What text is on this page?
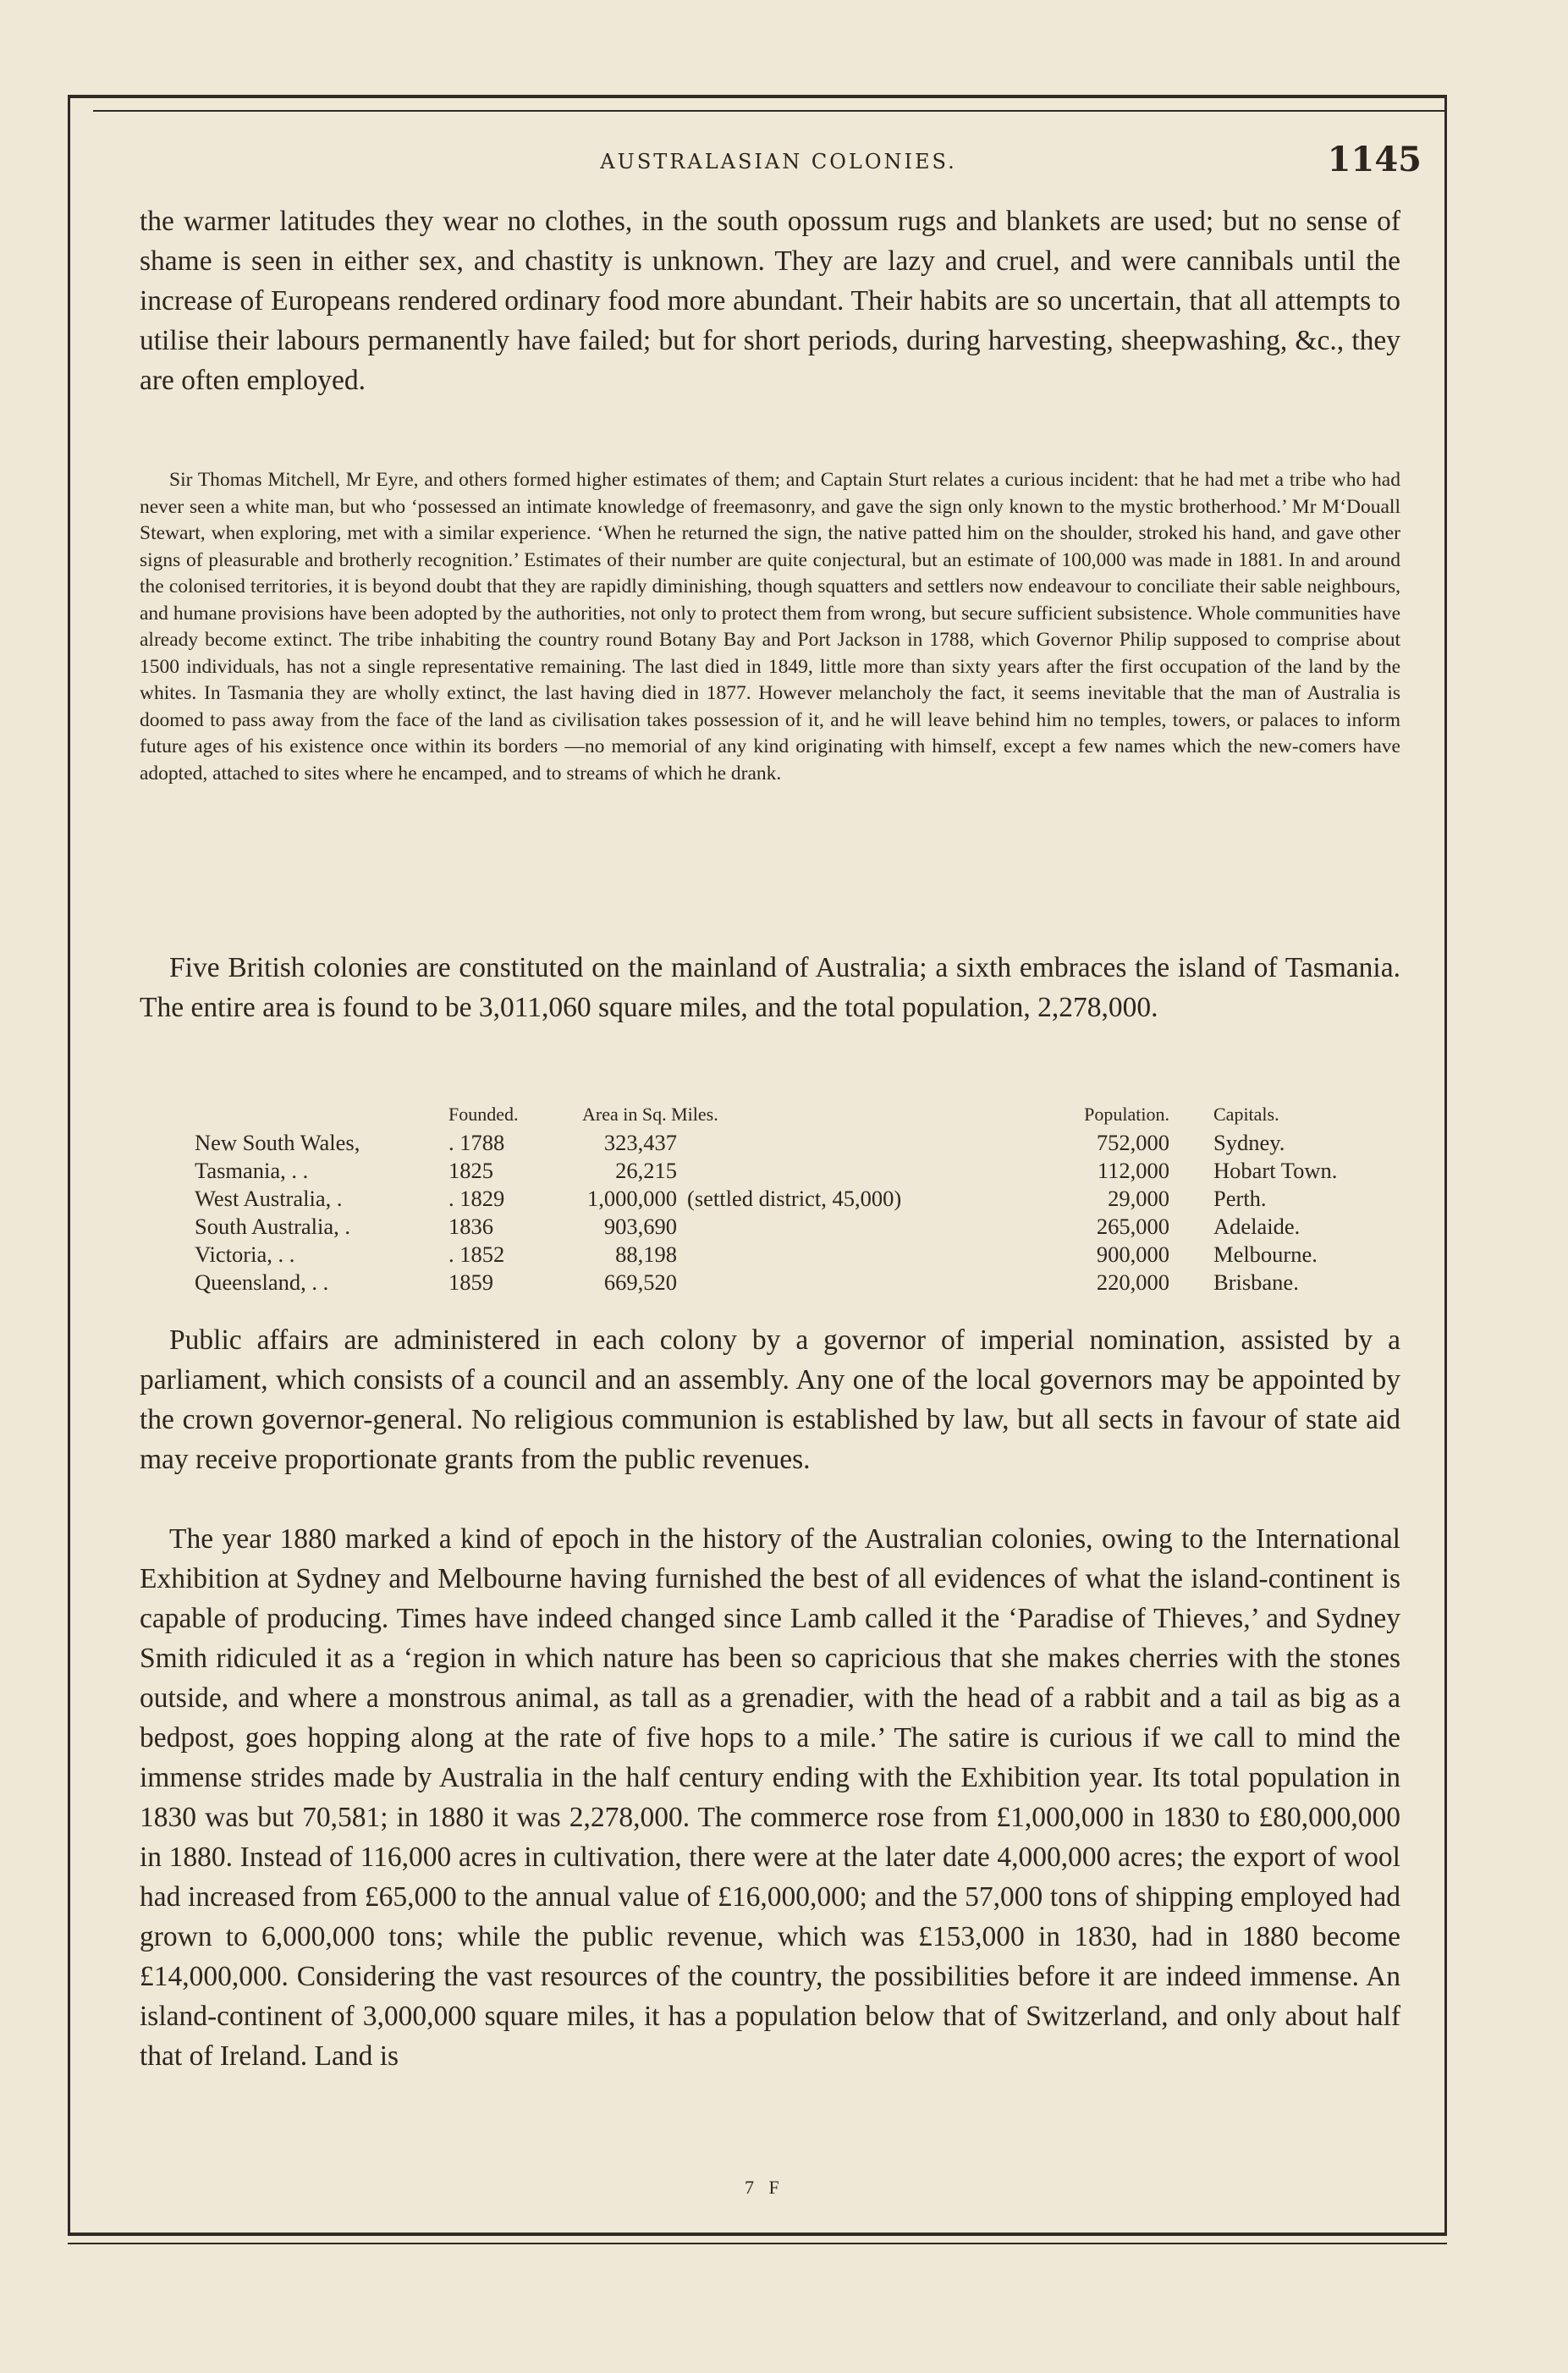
AUSTRALASIAN COLONIES.	1145

the warmer latitudes they wear no clothes, in the south opossum rugs and blankets are used; but no sense of shame is seen in either sex, and chastity is unknown. They are lazy and cruel, and were cannibals until the increase of Europeans rendered ordinary food more abundant. Their habits are so uncertain, that all attempts to utilise their labours permanently have failed; but for short periods, during harvesting, sheepwashing, &c., they are often employed.

Sir Thomas Mitchell, Mr Eyre, and others formed higher estimates of them; and Captain Sturt relates a curious incident: that he had met a tribe who had never seen a white man, but who ‘possessed an intimate knowledge of freemasonry, and gave the sign only known to the mystic brotherhood.’ Mr M‘Douall Stewart, when exploring, met with a similar experience. ‘When he returned the sign, the native patted him on the shoulder, stroked his hand, and gave other signs of pleasurable and brotherly recognition.’ Estimates of their number are quite conjectural, but an estimate of 100,000 was made in 1881. In and around the colonised territories, it is beyond doubt that they are rapidly diminishing, though squatters and settlers now endeavour to conciliate their sable neighbours, and humane provisions have been adopted by the authorities, not only to protect them from wrong, but secure sufficient subsistence. Whole communities have already become extinct. The tribe inhabiting the country round Botany Bay and Port Jackson in 1788, which Governor Philip supposed to comprise about 1500 individuals, has not a single representative remaining. The last died in 1849, little more than sixty years after the first occupation of the land by the whites. In Tasmania they are wholly extinct, the last having died in 1877. However melancholy the fact, it seems inevitable that the man of Australia is doomed to pass away from the face of the land as civilisation takes possession of it, and he will leave behind him no temples, towers, or palaces to inform future ages of his existence once within its borders —no memorial of any kind originating with himself, except a few names which the new-comers have adopted, attached to sites where he encamped, and to streams of which he drank.

Five British colonies are constituted on the mainland of Australia; a sixth embraces the island of Tasmania. The entire area is found to be 3,011,060 square miles, and the total population, 2,278,000.

	Founded.	Area in Sq. Miles.		Population.	Capitals.
New South Wales,	. 1788	323,437		752,000	Sydney.
Tasmania, . .	1825	26,215		112,000	Hobart Town.
West Australia, .	. 1829	1,000,000	(settled district, 45,000)	29,000	Perth.
South Australia, .	1836	903,690		265,000	Adelaide.
Victoria, . .	. 1852	88,198		900,000	Melbourne.
Queensland, . .	1859	669,520		220,000	Brisbane.

Public affairs are administered in each colony by a governor of imperial nomination, assisted by a parliament, which consists of a council and an assembly. Any one of the local governors may be appointed by the crown governor-general. No religious communion is established by law, but all sects in favour of state aid may receive proportionate grants from the public revenues.

The year 1880 marked a kind of epoch in the history of the Australian colonies, owing to the International Exhibition at Sydney and Melbourne having furnished the best of all evidences of what the island-continent is capable of producing. Times have indeed changed since Lamb called it the ‘Paradise of Thieves,’ and Sydney Smith ridiculed it as a ‘region in which nature has been so capricious that she makes cherries with the stones outside, and where a monstrous animal, as tall as a grenadier, with the head of a rabbit and a tail as big as a bedpost, goes hopping along at the rate of five hops to a mile.’ The satire is curious if we call to mind the immense strides made by Australia in the half century ending with the Exhibition year. Its total population in 1830 was but 70,581; in 1880 it was 2,278,000. The commerce rose from £1,000,000 in 1830 to £80,000,000 in 1880. Instead of 116,000 acres in cultivation, there were at the later date 4,000,000 acres; the export of wool had increased from £65,000 to the annual value of £16,000,000; and the 57,000 tons of shipping employed had grown to 6,000,000 tons; while the public revenue, which was £153,000 in 1830, had in 1880 become £14,000,000. Considering the vast resources of the country, the possibilities before it are indeed immense. An island-continent of 3,000,000 square miles, it has a population below that of Switzerland, and only about half that of Ireland. Land is

7 F
